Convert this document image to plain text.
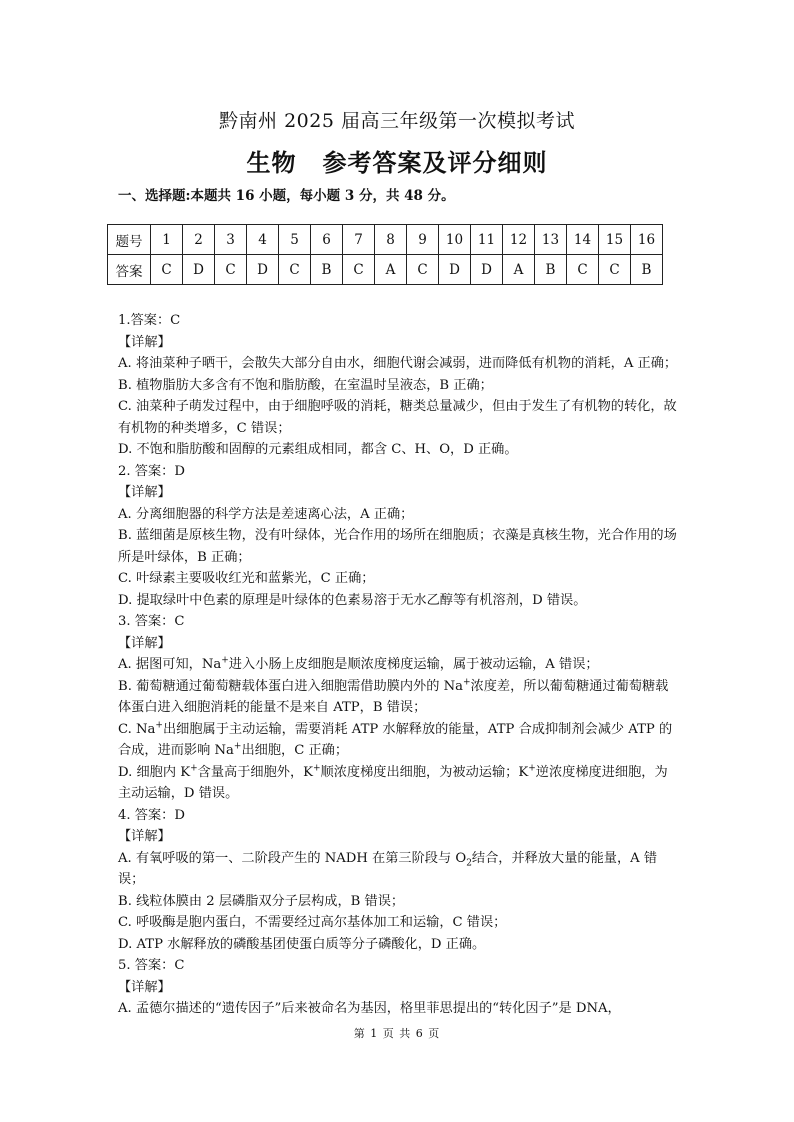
黔南州 2025 届高三年级第一次模拟考试
生物 参考答案及评分细则
一、选择题:本题共 16 小题，每小题 3 分，共 48 分。
题号	1	2	3	4	5	6	7	8	9	10	11	12	13	14	15	16
答案	C	D	C	D	C	B	C	A	C	D	D	A	B	C	C	B

1.答案：C

【详解】

A. 将油菜种子晒干，会散失大部分自由水，细胞代谢会减弱，进而降低有机物的消耗，A 正确；

B. 植物脂肪大多含有不饱和脂肪酸，在室温时呈液态，B 正确；

C. 油菜种子萌发过程中，由于细胞呼吸的消耗，糖类总量减少，但由于发生了有机物的转化，故有机物的种类增多，C 错误；

D. 不饱和脂肪酸和固醇的元素组成相同，都含 C、H、O，D 正确。

2. 答案：D

【详解】

A. 分离细胞器的科学方法是差速离心法，A 正确；

B. 蓝细菌是原核生物，没有叶绿体，光合作用的场所在细胞质；衣藻是真核生物，光合作用的场所是叶绿体，B 正确；

C. 叶绿素主要吸收红光和蓝紫光，C 正确；

D. 提取绿叶中色素的原理是叶绿体的色素易溶于无水乙醇等有机溶剂，D 错误。

3. 答案：C

【详解】

A. 据图可知，Na+进入小肠上皮细胞是顺浓度梯度运输，属于被动运输，A 错误；

B. 葡萄糖通过葡萄糖载体蛋白进入细胞需借助膜内外的 Na+浓度差，所以葡萄糖通过葡萄糖载体蛋白进入细胞消耗的能量不是来自 ATP，B 错误；

C. Na+出细胞属于主动运输，需要消耗 ATP 水解释放的能量，ATP 合成抑制剂会减少 ATP 的合成，进而影响 Na+出细胞，C 正确；

D. 细胞内 K+含量高于细胞外，K+顺浓度梯度出细胞，为被动运输；K+逆浓度梯度进细胞，为主动运输，D 错误。

4. 答案：D

【详解】

A. 有氧呼吸的第一、二阶段产生的 NADH 在第三阶段与 $O_2$结合，并释放大量的能量，A 错误；

B. 线粒体膜由 2 层磷脂双分子层构成，B 错误；

C. 呼吸酶是胞内蛋白，不需要经过高尔基体加工和运输，C 错误；

D. ATP 水解释放的磷酸基团使蛋白质等分子磷酸化，D 正确。

5. 答案：C

【详解】

A. 孟德尔描述的“遗传因子”后来被命名为基因，格里菲思提出的“转化因子”是 DNA，

第 1 页 共 6 页
